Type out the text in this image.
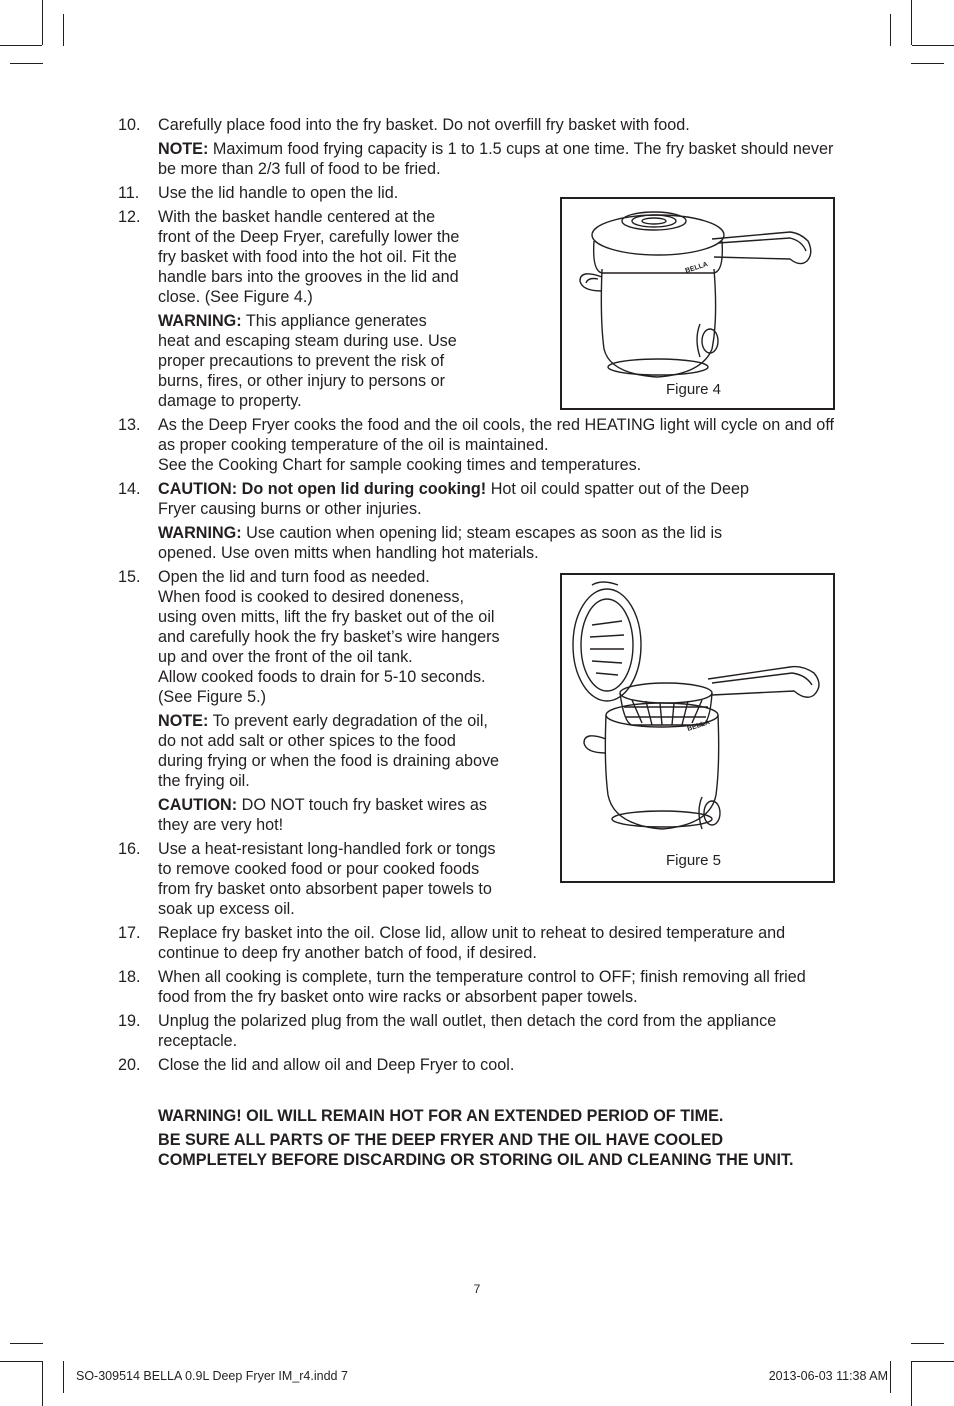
BELLA
Figure 4
BELLA
Figure 5
10. Carefully place food into the fry basket. Do not overfill fry basket with food.

NOTE: Maximum food frying capacity is 1 to 1.5 cups at one time. The fry basket should never be more than 2/3 full of food to be fried.
11. Use the lid handle to open the lid.

12. With the basket handle centered at the front of the Deep Fryer, carefully lower the fry basket with food into the hot oil. Fit the handle bars into the grooves in the lid and close. (See Figure 4.)

WARNING: This appliance generates heat and escaping steam during use. Use proper precautions to prevent the risk of burns, fires, or other injury to persons or damage to property.
13. As the Deep Fryer cooks the food and the oil cools, the red HEATING light will cycle on and off as proper cooking temperature of the oil is maintained.

See the Cooking Chart for sample cooking times and temperatures.

14. CAUTION: Do not open lid during cooking! Hot oil could spatter out of the Deep Fryer causing burns or other injuries.

WARNING: Use caution when opening lid; steam escapes as soon as the lid is opened. Use oven mitts when handling hot materials.
15. Open the lid and turn food as needed.

When food is cooked to desired doneness, using oven mitts, lift the fry basket out of the oil and carefully hook the fry basket’s wire hangers up and over the front of the oil tank.

Allow cooked foods to drain for 5-10 seconds. (See Figure 5.)

NOTE: To prevent early degradation of the oil, do not add salt or other spices to the food during frying or when the food is draining above the frying oil.
CAUTION: DO NOT touch fry basket wires as they are very hot!
16. Use a heat-resistant long-handled fork or tongs to remove cooked food or pour cooked foods from fry basket onto absorbent paper towels to soak up excess oil.

17. Replace fry basket into the oil. Close lid, allow unit to reheat to desired temperature and continue to deep fry another batch of food, if desired.

18. When all cooking is complete, turn the temperature control to OFF; finish removing all fried food from the fry basket onto wire racks or absorbent paper towels.

19. Unplug the polarized plug from the wall outlet, then detach the cord from the appliance receptacle.

20. Close the lid and allow oil and Deep Fryer to cool.

WARNING! OIL WILL REMAIN HOT FOR AN EXTENDED PERIOD OF TIME.

BE SURE ALL PARTS OF THE DEEP FRYER AND THE OIL HAVE COOLED COMPLETELY BEFORE DISCARDING OR STORING OIL AND CLEANING THE UNIT.

7
SO-309514 BELLA 0.9L Deep Fryer IM_r4.indd 7	2013-06-03 11:38 AM
